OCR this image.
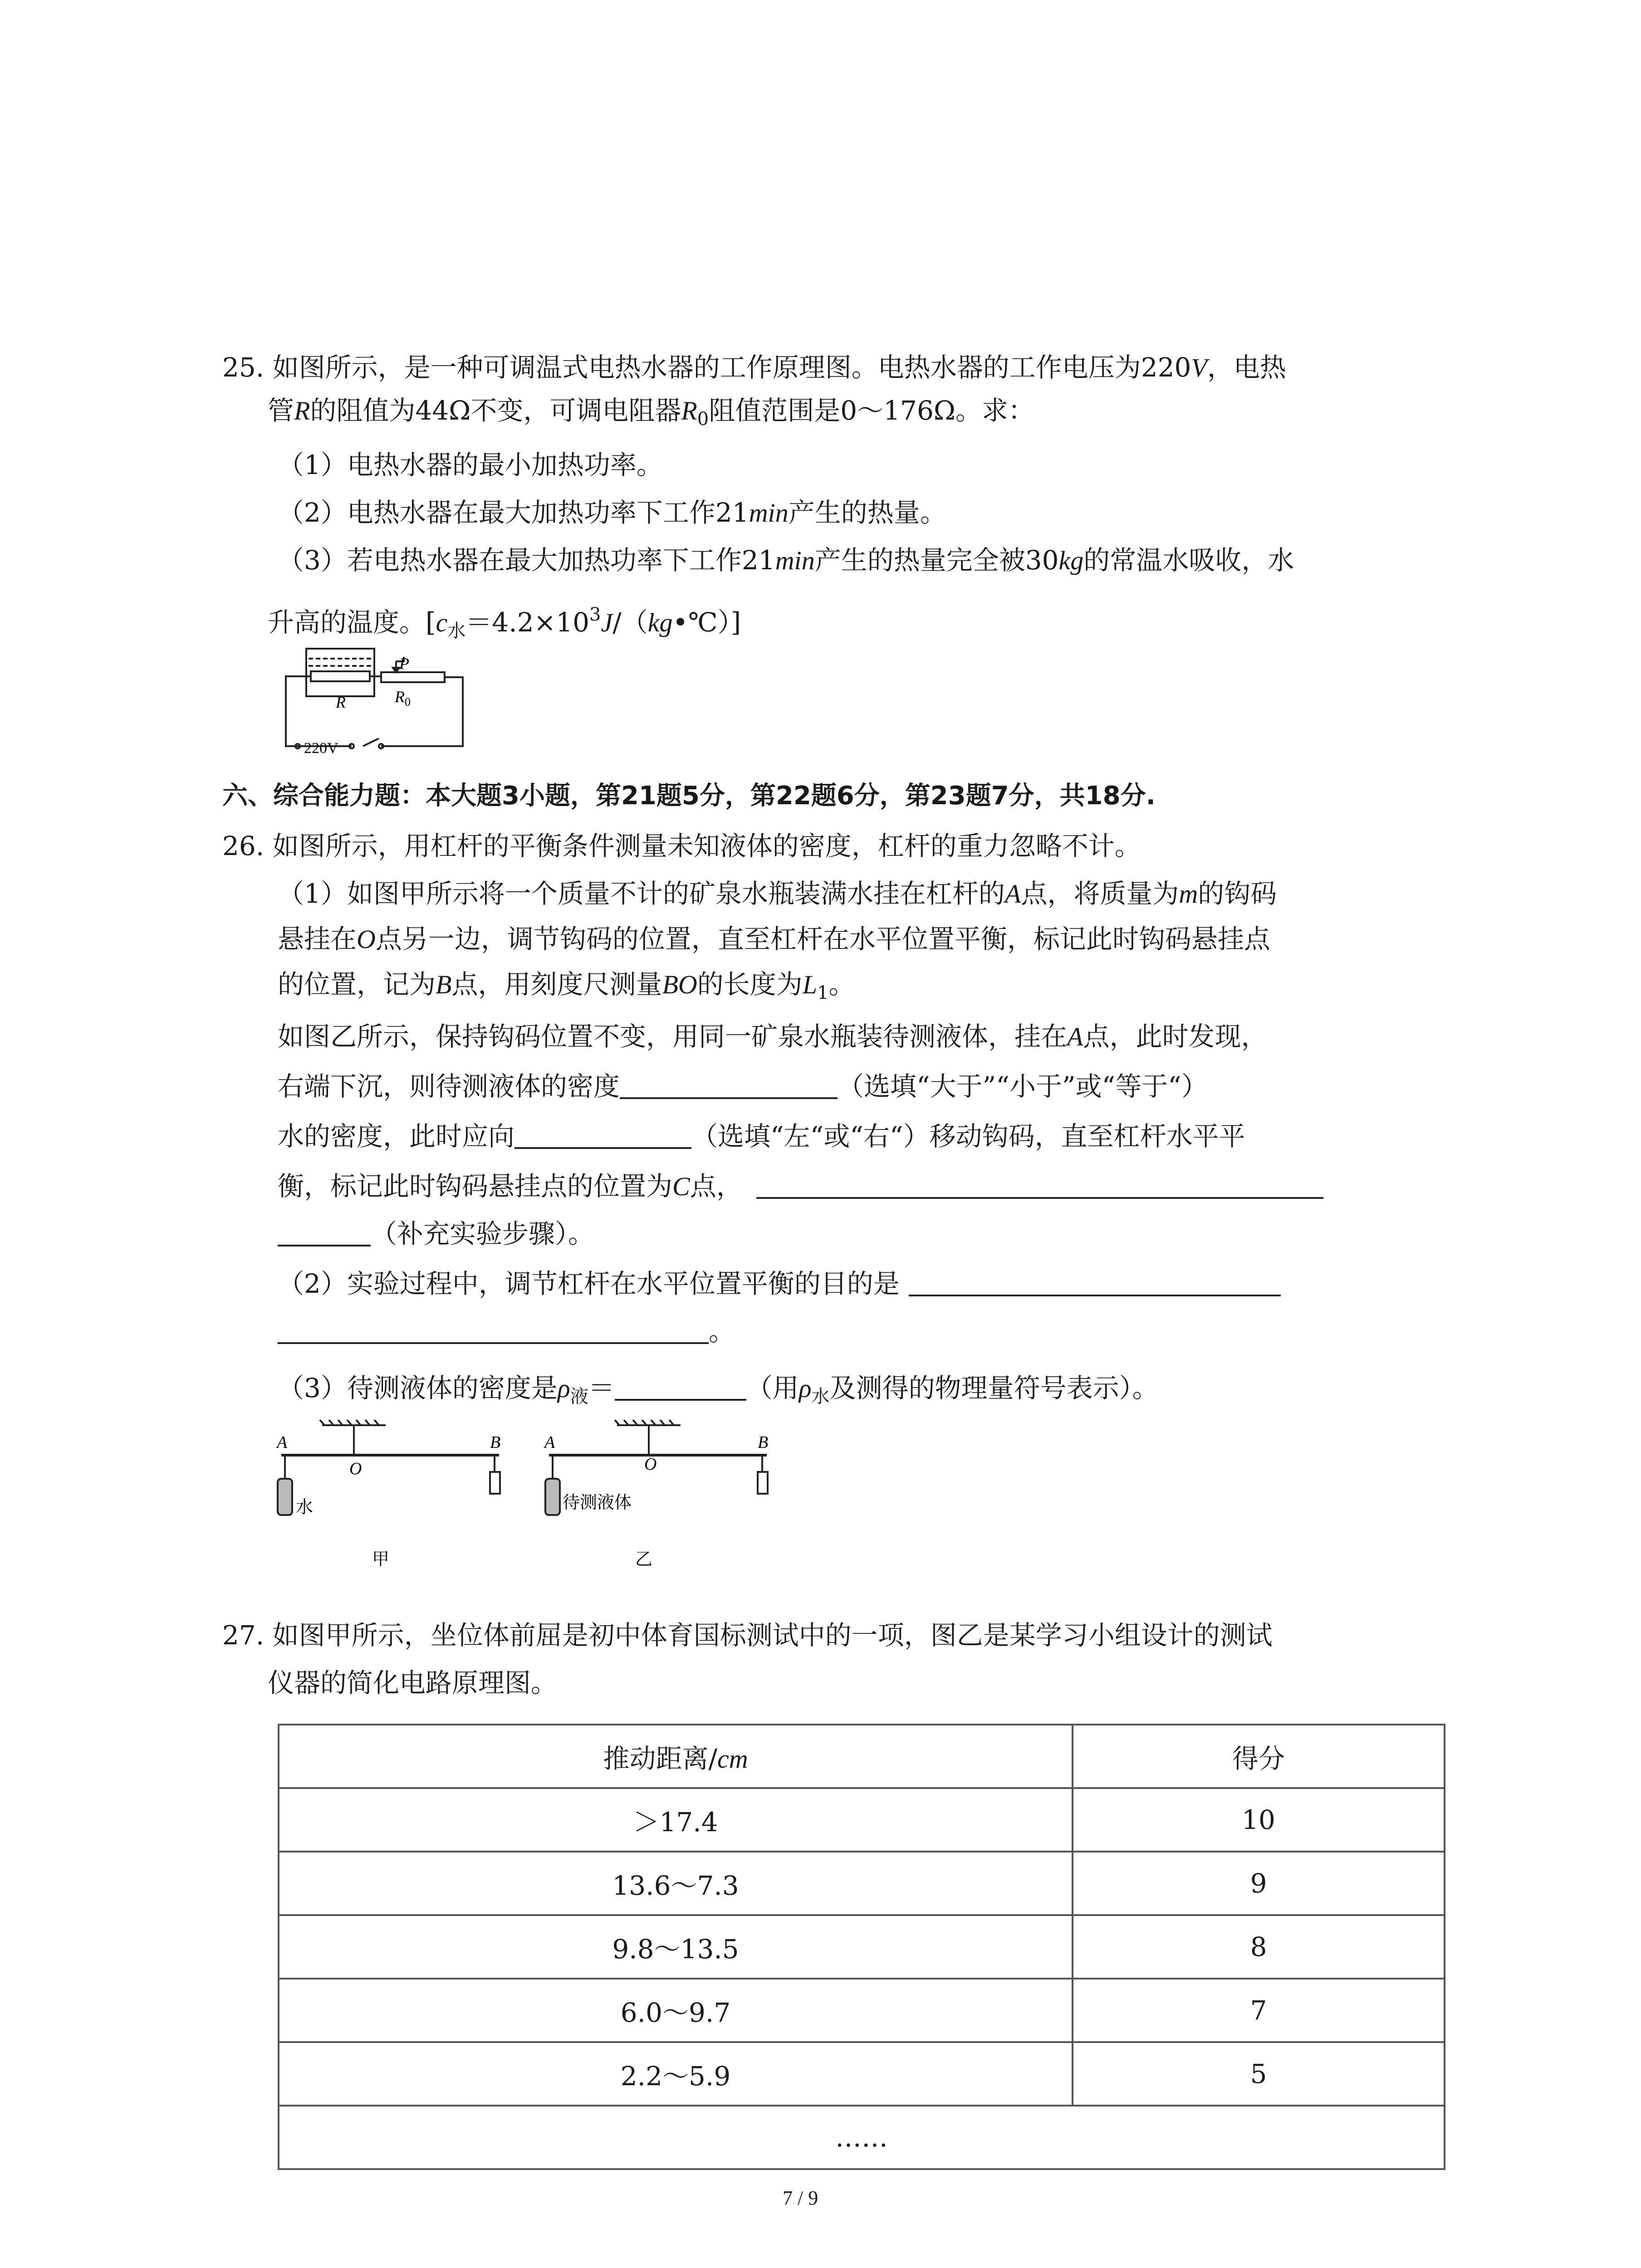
25. 如图所示，是一种可调温式电热水器的工作原理图。电热水器的工作电压为220V，电热
管R的阻值为44Ω不变，可调电阻器$R_0$阻值范围是0～176Ω。求：
（1）电热水器的最小加热功率。
（2）电热水器在最大加热功率下工作21min产生的热量。
（3）若电热水器在最大加热功率下工作21min产生的热量完全被30kg的常温水吸收，水
升高的温度。$[c_水=4.2\times 10^3J/(kg•℃)]$
P
R	R 0
220V
六、综合能力题：本大题3小题，第21题5分，第22题6分，第23题7分，共18分.
26. 如图所示，用杠杆的平衡条件测量未知液体的密度，杠杆的重力忽略不计。
（1）如图甲所示将一个质量不计的矿泉水瓶装满水挂在杠杆的A点，将质量为m的钩码
悬挂在O点另一边，调节钩码的位置，直至杠杆在水平位置平衡，标记此时钩码悬挂点
的位置，记为B点，用刻度尺测量BO的长度为$L_1$。
如图乙所示，保持钩码位置不变，用同一矿泉水瓶装待测液体，挂在A点，此时发现，
右端下沉，则待测液体的密度	（选填“大于”“小于”或“等于“）
水的密度，此时应向	（选填“左“或“右“）移动钩码，直至杠杆水平平
衡，标记此时钩码悬挂点的位置为C点，
（补充实验步骤）。
（2）实验过程中，调节杠杆在水平位置平衡的目的是
。
（3）待测液体的密度是$\rho_液=$	（用$\rho_水$及测得的物理量符号表示）。
A
O
B	A
O
B
水	待测液体
甲	乙
27. 如图甲所示，坐位体前屈是初中体育国标测试中的一项，图乙是某学习小组设计的测试
仪器的简化电路原理图。
推动距离/cm	得分
＞17.4	10
13.6～7.3	9
9.8～13.5	8
6.0～9.7	7
2.2～5.9	5
……	
7 / 9
